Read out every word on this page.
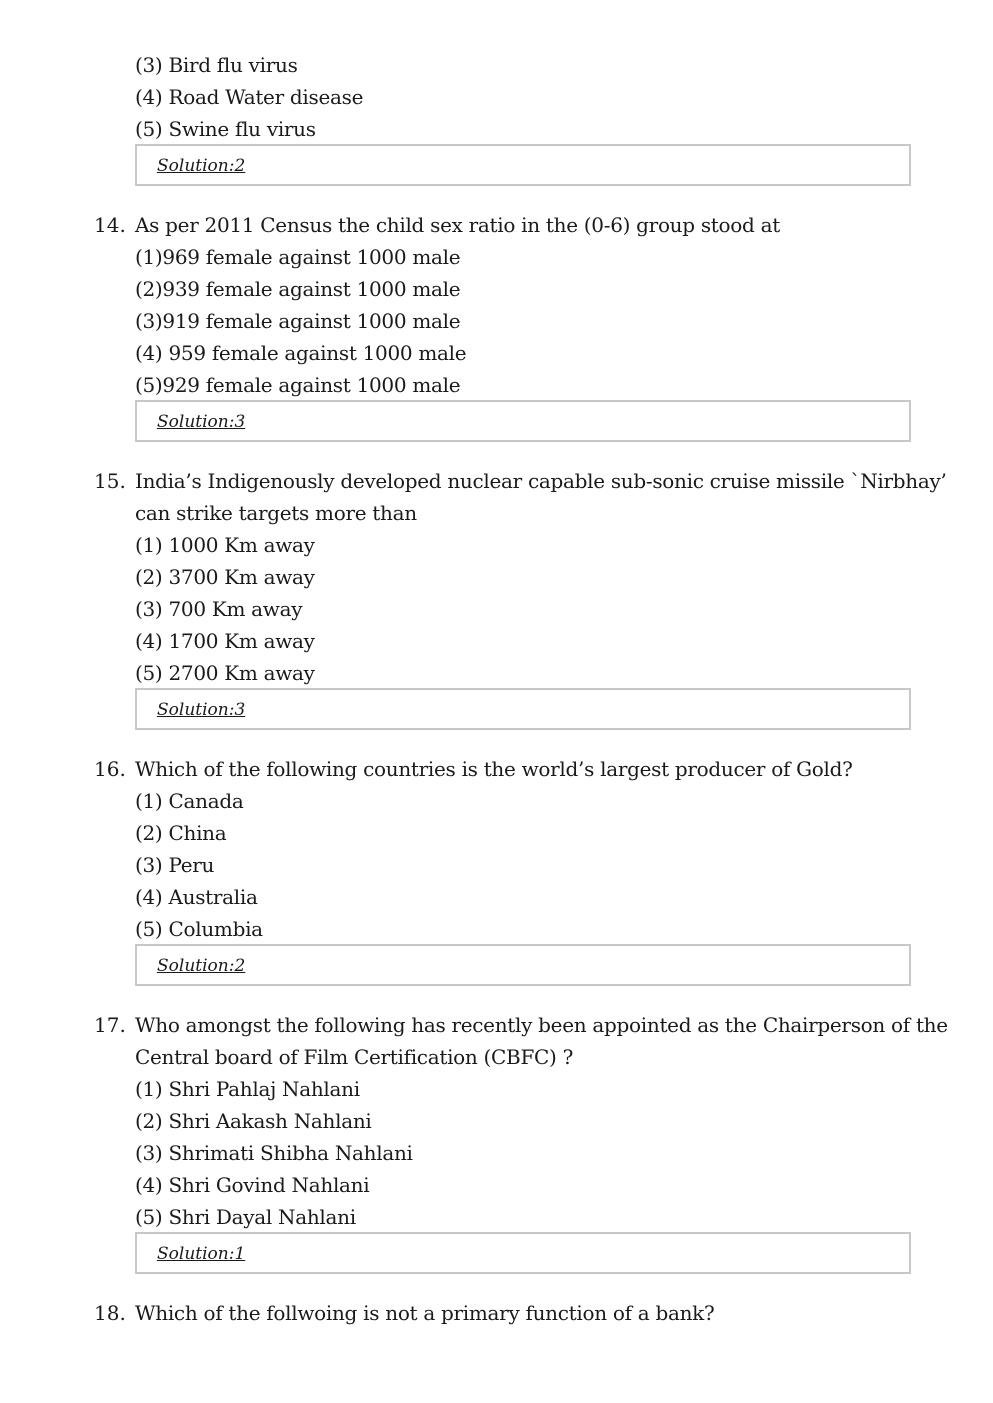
(3) Bird flu virus
(4) Road Water disease
(5) Swine flu virus
Solution:2
14. As per 2011 Census the child sex ratio in the (0-6) group stood at
(1)969 female against 1000 male
(2)939 female against 1000 male
(3)919 female against 1000 male
(4) 959 female against 1000 male
(5)929 female against 1000 male
Solution:3
15. India’s Indigenously developed nuclear capable sub-sonic cruise missile `Nirbhay’
can strike targets more than
(1) 1000 Km away
(2) 3700 Km away
(3) 700 Km away
(4) 1700 Km away
(5) 2700 Km away
Solution:3
16. Which of the following countries is the world’s largest producer of Gold?
(1) Canada
(2) China
(3) Peru
(4) Australia
(5) Columbia
Solution:2
17. Who amongst the following has recently been appointed as the Chairperson of the
Central board of Film Certification (CBFC) ?
(1) Shri Pahlaj Nahlani
(2) Shri Aakash Nahlani
(3) Shrimati Shibha Nahlani
(4) Shri Govind Nahlani
(5) Shri Dayal Nahlani
Solution:1
18. Which of the follwoing is not a primary function of a bank?
